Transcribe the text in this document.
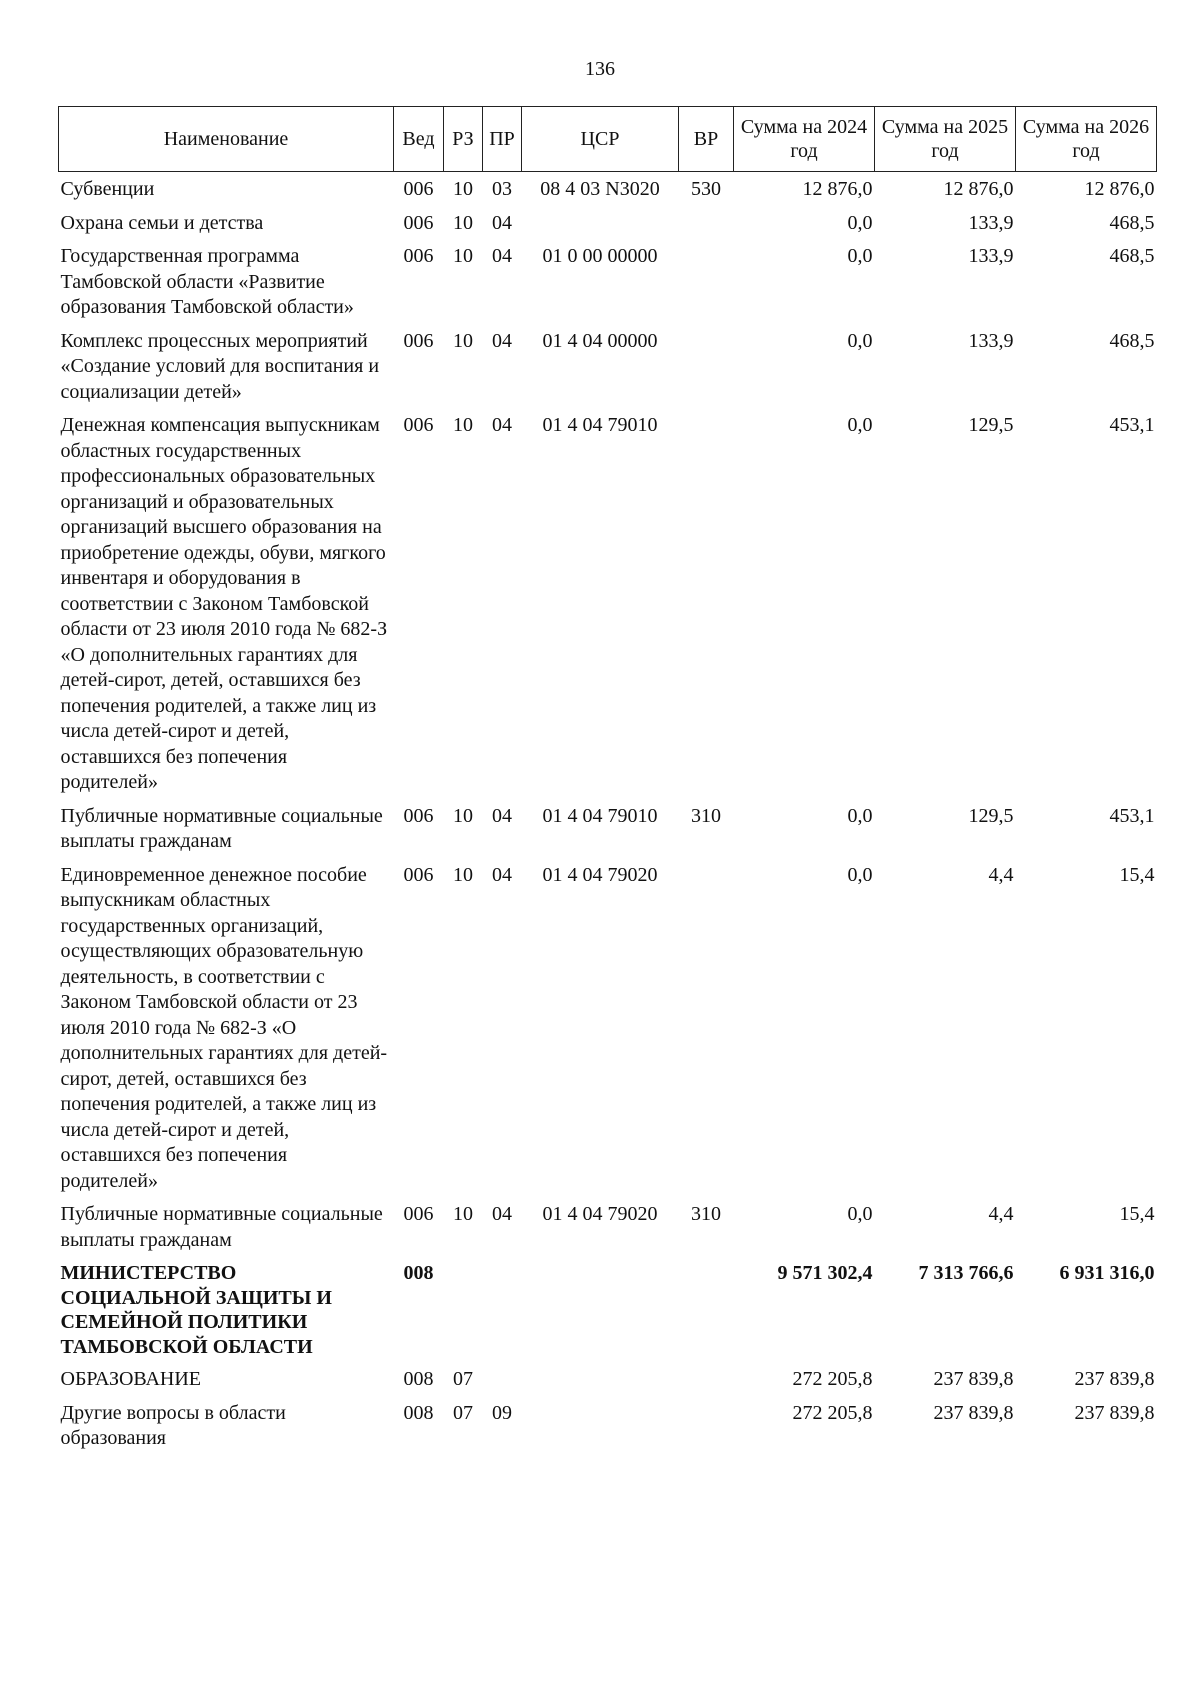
136
Наименование	Вед	РЗ	ПР	ЦСР	ВР	Сумма на 2024 год	Сумма на 2025 год	Сумма на 2026 год
Субвенции	006	10	03	08 4 03 N3020	530	12 876,0	12 876,0	12 876,0
Охрана семьи и детства	006	10	04			0,0	133,9	468,5
Государственная программа Тамбовской области «Развитие образования Тамбовской области»	006	10	04	01 0 00 00000		0,0	133,9	468,5
Комплекс процессных мероприятий «Создание условий для воспитания и социализации детей»	006	10	04	01 4 04 00000		0,0	133,9	468,5
Денежная компенсация выпускникам областных государственных профессиональных образовательных организаций и образовательных организаций высшего образования на приобретение одежды, обуви, мягкого инвентаря и оборудования в соответствии с Законом Тамбовской области от 23 июля 2010 года № 682-З «О дополнительных гарантиях для детей-сирот, детей, оставшихся без попечения родителей, а также лиц из числа детей-сирот и детей, оставшихся без попечения родителей»	006	10	04	01 4 04 79010		0,0	129,5	453,1
Публичные нормативные социальные выплаты гражданам	006	10	04	01 4 04 79010	310	0,0	129,5	453,1
Единовременное денежное пособие выпускникам областных государственных организаций, осуществляющих образовательную деятельность, в соответствии с Законом Тамбовской области от 23 июля 2010 года № 682-З «О дополнительных гарантиях для детей-сирот, детей, оставшихся без попечения родителей, а также лиц из числа детей-сирот и детей, оставшихся без попечения родителей»	006	10	04	01 4 04 79020		0,0	4,4	15,4
Публичные нормативные социальные выплаты гражданам	006	10	04	01 4 04 79020	310	0,0	4,4	15,4
МИНИСТЕРСТВО СОЦИАЛЬНОЙ ЗАЩИТЫ И СЕМЕЙНОЙ ПОЛИТИКИ ТАМБОВСКОЙ ОБЛАСТИ	008					9 571 302,4	7 313 766,6	6 931 316,0
ОБРАЗОВАНИЕ	008	07				272 205,8	237 839,8	237 839,8
Другие вопросы в области образования	008	07	09			272 205,8	237 839,8	237 839,8
